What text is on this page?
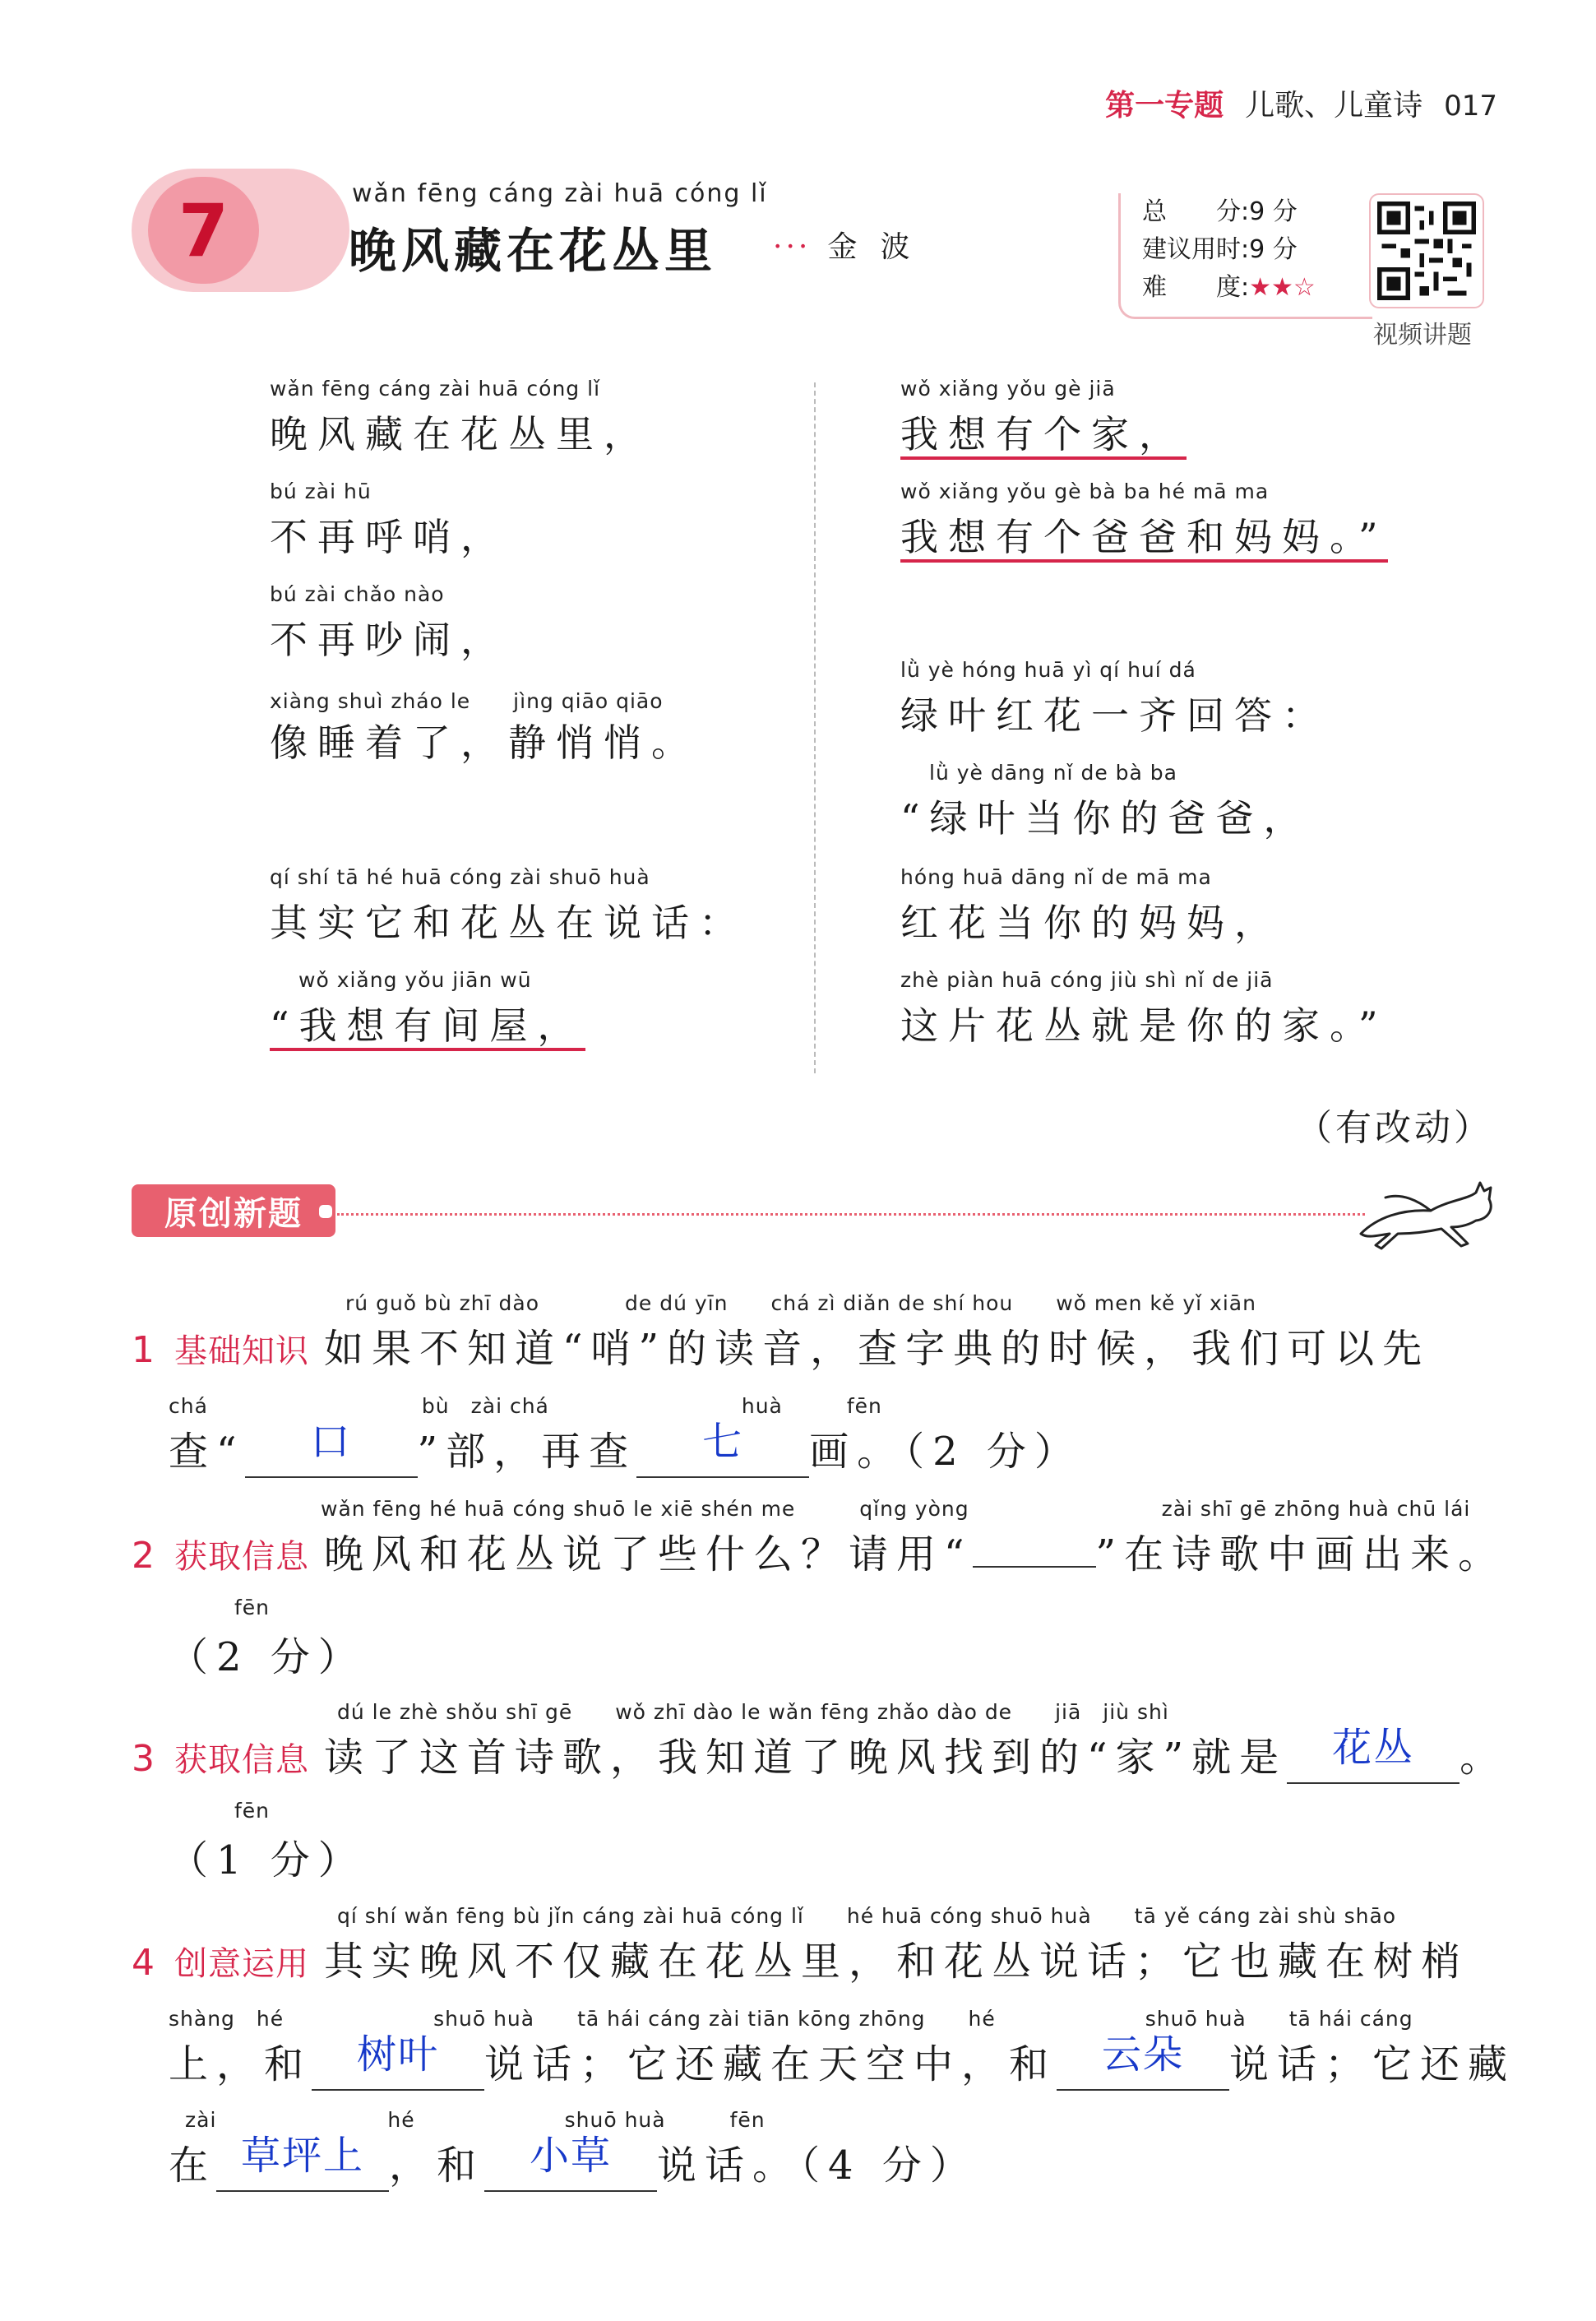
第一专题 儿歌、儿童诗 017
7	wǎn fēng cáng zài huā cóng lǐ
晚风藏在花丛里 ··· 金波
总　　分:9 分
建议用时:9 分
难　　度:★★☆
视频讲题
wǎn fēng cáng zài huā cóng lǐ
晚风藏在花丛里，
bú zài hū
不再呼哨，
bú zài chǎo nào
不再吵闹，
xiàng shuì zháo le　　jìng qiāo qiāo
像睡着了，静悄悄。
qí shí tā hé huā cóng zài shuō huà
其实它和花丛在说话：
wǒ xiǎng yǒu jiān wū
“我想有间屋，
wǒ xiǎng yǒu gè jiā
我想有个家，
wǒ xiǎng yǒu gè bà ba hé mā ma
我想有个爸爸和妈妈。”
lǜ yè hóng huā yì qí huí dá
绿叶红花一齐回答：
lǜ yè dāng nǐ de bà ba
“绿叶当你的爸爸，
hóng huā dāng nǐ de mā ma
红花当你的妈妈，
zhè piàn huā cóng jiù shì nǐ de jiā
这片花丛就是你的家。”
（有改动）
原创新题
rú guǒ bù zhī dào　　　　de dú yīn　　chá zì diǎn de shí hou　　wǒ men kě yǐ xiān
1 基础知识 如果不知道“哨”的读音，查字典的时候，我们可以先
chá　　　　　　　　　　bù　zài chá　　　　　　　　　huà　　　fēn
查“ 口 ”部，再查 七 画。（2 分）
wǎn fēng hé huā cóng shuō le xiē shén me　　　qǐng yòng　　　　　　　　　zài shī gē zhōng huà chū lái
2 获取信息 晚风和花丛说了些什么？请用“	”在诗歌中画出来。
fēn
（2 分）
dú le zhè shǒu shī gē　　wǒ zhī dào le wǎn fēng zhǎo dào de　　jiā　jiù shì
3 获取信息 读了这首诗歌，我知道了晚风找到的“家”就是 花丛 。
fēn
（1 分）
qí shí wǎn fēng bù jǐn cáng zài huā cóng lǐ　　hé huā cóng shuō huà　　tā yě cáng zài shù shāo
4 创意运用 其实晚风不仅藏在花丛里，和花丛说话；它也藏在树梢
shàng　hé　　　　　　　shuō huà　　tā hái cáng zài tiān kōng zhōng　　hé　　　　　　　shuō huà　　tā hái cáng
上，和 树叶 说话；它还藏在天空中，和 云朵 说话；它还藏
zài　　　　　　　　hé　　　　　　　shuō huà　　　fēn
在 草坪上 ，和 小草 说话。（4 分）
